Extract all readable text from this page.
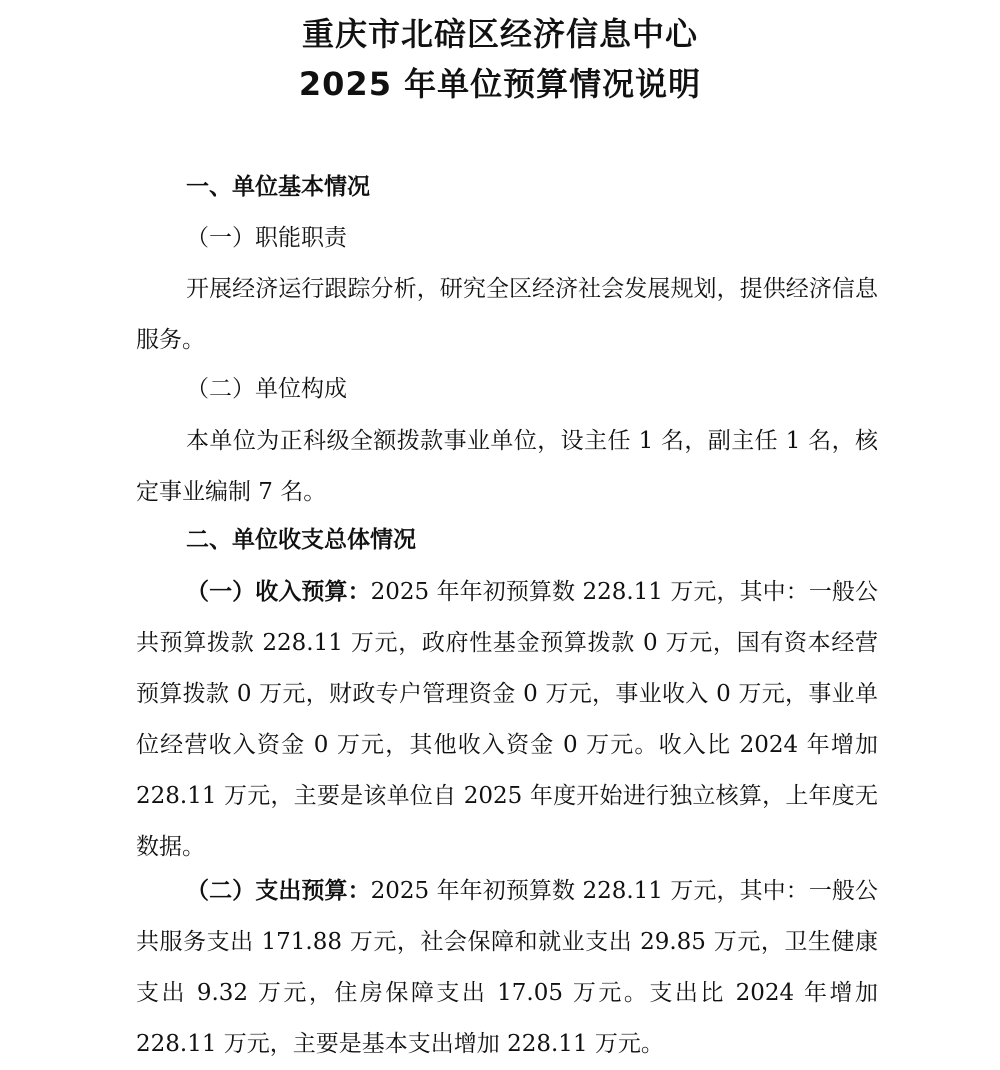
重庆市北碚区经济信息中心
2025 年单位预算情况说明
一、单位基本情况
（一）职能职责

开展经济运行跟踪分析，研究全区经济社会发展规划，提供经济信息服务。

（二）单位构成

本单位为正科级全额拨款事业单位，设主任 1 名，副主任 1 名，核定事业编制 7 名。

二、单位收支总体情况

（一）收入预算：2025 年年初预算数 228.11 万元，其中：一般公共预算拨款 228.11 万元，政府性基金预算拨款 0 万元，国有资本经营预算拨款 0 万元，财政专户管理资金 0 万元，事业收入 0 万元，事业单位经营收入资金 0 万元，其他收入资金 0 万元。收入比 2024 年增加 228.11 万元，主要是该单位自 2025 年度开始进行独立核算，上年度无数据。

（二）支出预算：2025 年年初预算数 228.11 万元，其中：一般公共服务支出 171.88 万元，社会保障和就业支出 29.85 万元，卫生健康支出 9.32 万元，住房保障支出 17.05 万元。支出比 2024 年增加 228.11 万元，主要是基本支出增加 228.11 万元。
